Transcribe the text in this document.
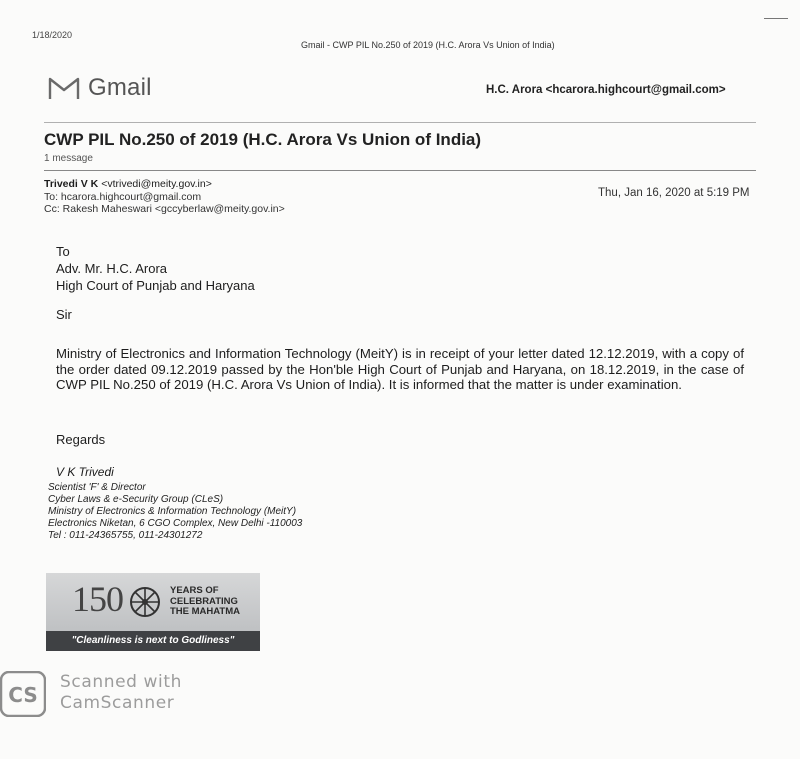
1/18/2020
Gmail - CWP PIL No.250 of 2019 (H.C. Arora Vs Union of India)
Gmail	H.C. Arora <hcarora.highcourt@gmail.com>
CWP PIL No.250 of 2019 (H.C. Arora Vs Union of India)
1 message
Trivedi V K <vtrivedi@meity.gov.in>
To: hcarora.highcourt@gmail.com
Cc: Rakesh Maheswari <gccyberlaw@meity.gov.in>
Thu, Jan 16, 2020 at 5:19 PM
To
Adv. Mr. H.C. Arora
High Court of Punjab and Haryana
Sir
Ministry of Electronics and Information Technology (MeitY) is in receipt of your letter dated 12.12.2019, with a copy of the order dated 09.12.2019 passed by the Hon'ble High Court of Punjab and Haryana, on 18.12.2019, in the case of CWP PIL No.250 of 2019 (H.C. Arora Vs Union of India). It is informed that the matter is under examination.
Regards
V K Trivedi
Scientist 'F' & Director
Cyber Laws & e-Security Group (CLeS)
Ministry of Electronics & Information Technology (MeitY)
Electronics Niketan, 6 CGO Complex, New Delhi -110003
Tel : 011-24365755, 011-24301272
150	YEARS OF
CELEBRATING
THE MAHATMA
"Cleanliness is next to Godliness"
CS
Scanned with
CamScanner
